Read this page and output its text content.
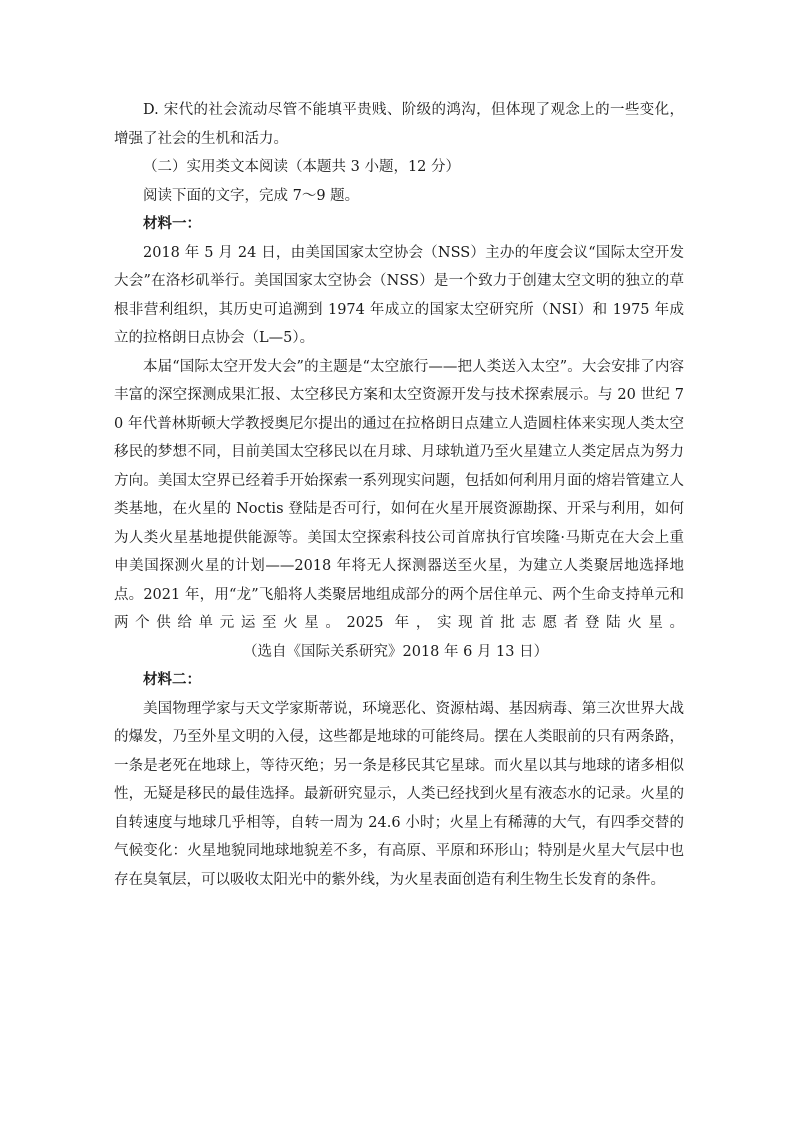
D. 宋代的社会流动尽管不能填平贵贱、阶级的鸿沟，但体现了观念上的一些变化，增强了社会的生机和活力。

（二）实用类文本阅读（本题共 3 小题，12 分）

阅读下面的文字，完成 7～9 题。

材料一：

2018 年 5 月 24 日，由美国国家太空协会（NSS）主办的年度会议“国际太空开发大会”在洛杉矶举行。美国国家太空协会（NSS）是一个致力于创建太空文明的独立的草根非营利组织，其历史可追溯到 1974 年成立的国家太空研究所（NSI）和 1975 年成立的拉格朗日点协会（L—5）。

本届“国际太空开发大会”的主题是“太空旅行——把人类送入太空”。大会安排了内容丰富的深空探测成果汇报、太空移民方案和太空资源开发与技术探索展示。与 20 世纪 70 年代普林斯顿大学教授奥尼尔提出的通过在拉格朗日点建立人造圆柱体来实现人类太空移民的梦想不同，目前美国太空移民以在月球、月球轨道乃至火星建立人类定居点为努力方向。美国太空界已经着手开始探索一系列现实问题，包括如何利用月面的熔岩管建立人类基地，在火星的 Noctis 登陆是否可行，如何在火星开展资源勘探、开采与利用，如何为人类火星基地提供能源等。美国太空探索科技公司首席执行官埃隆·马斯克在大会上重申美国探测火星的计划——2018 年将无人探测器送至火星，为建立人类聚居地选择地点。2021 年，用“龙”飞船将人类聚居地组成部分的两个居住单元、两个生命支持单元和两个供给单元运至火星。2025 年，实现首批志愿者登陆火星。（选自《国际关系研究》2018 年 6 月 13 日）

材料二：

美国物理学家与天文学家斯蒂说，环境恶化、资源枯竭、基因病毒、第三次世界大战的爆发，乃至外星文明的入侵，这些都是地球的可能终局。摆在人类眼前的只有两条路，一条是老死在地球上，等待灭绝；另一条是移民其它星球。而火星以其与地球的诸多相似性，无疑是移民的最佳选择。最新研究显示，人类已经找到火星有液态水的记录。火星的自转速度与地球几乎相等，自转一周为 24.6 小时；火星上有稀薄的大气，有四季交替的气候变化：火星地貌同地球地貌差不多，有高原、平原和环形山；特别是火星大气层中也存在臭氧层，可以吸收太阳光中的紫外线，为火星表面创造有利生物生长发育的条件。
